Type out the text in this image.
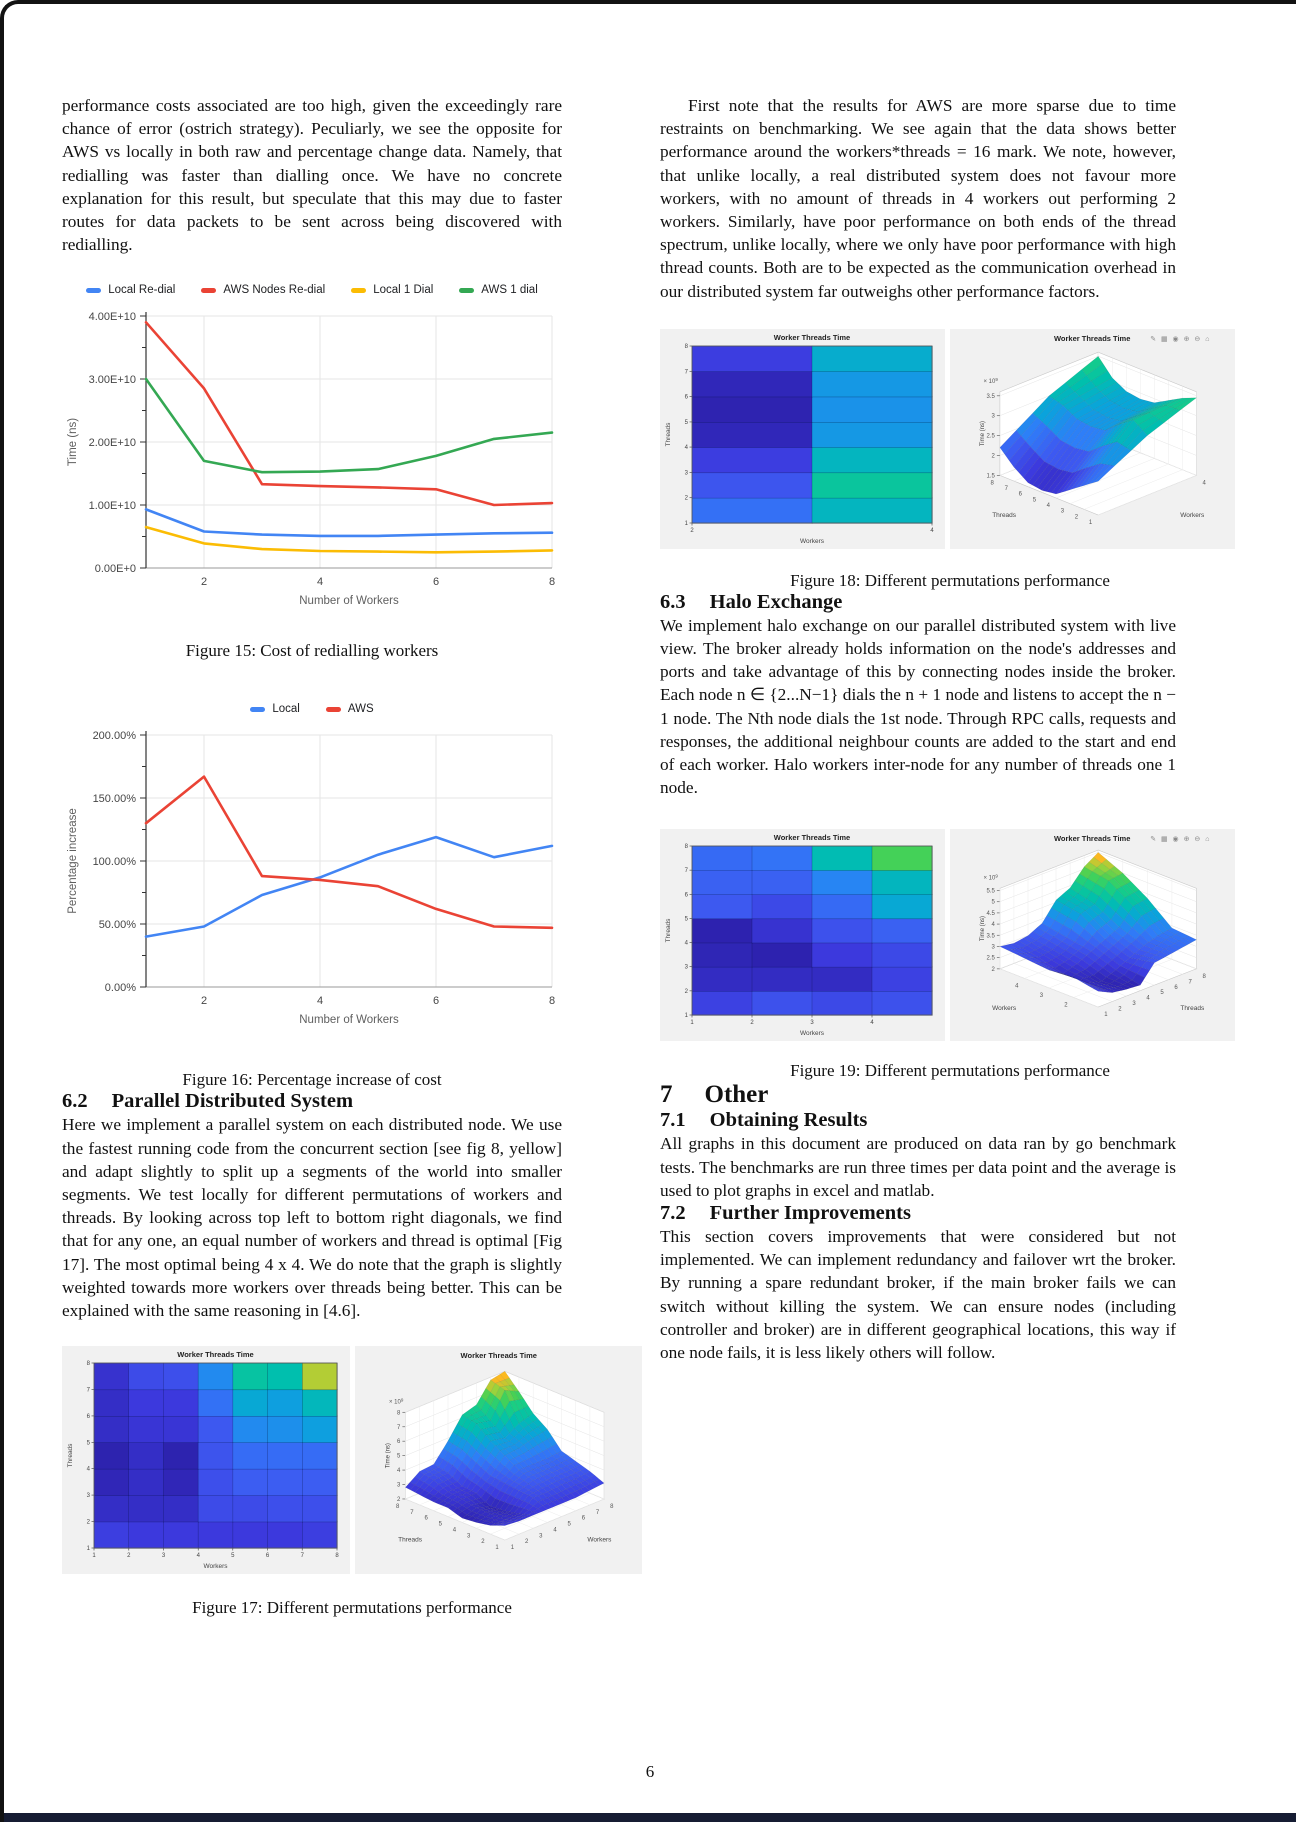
performance costs associated are too high, given the exceedingly rare chance of error (ostrich strategy). Peculiarly, we see the opposite for AWS vs locally in both raw and percentage change data. Namely, that redialling was faster than dialling once. We have no concrete explanation for this result, but speculate that this may due to faster routes for data packets to be sent across being discovered with redialling.

Local Re-dial	AWS Nodes Re-dial	Local 1 Dial	AWS 1 dial
0.00E+0
1.00E+10
2.00E+10
3.00E+10
4.00E+10
2	4	6	8
Number of Workers
Time (ns)
Figure 15: Cost of redialling workers
Local	AWS
0.00%
50.00%
100.00%
150.00%
200.00%
2	4	6	8
Number of Workers
Percentage increase
Figure 16: Percentage increase of cost
6.2 Parallel Distributed System

Here we implement a parallel system on each distributed node. We use the fastest running code from the concurrent section [see fig 8, yellow] and adapt slightly to split up a segments of the world into smaller segments. We test locally for different permutations of workers and threads. By looking across top left to bottom right diagonals, we find that for any one, an equal number of workers and thread is optimal [Fig 17]. The most optimal being 4 x 4. We do note that the graph is slightly weighted towards more workers over threads being better. This can be explained with the same reasoning in [4.6].

Worker Threads Time
1	2	3	4	5	6	7	8
1
2
3
4
5
6
7
8
Workers
Threads
2
3
4
5
6
7
8
1
2
3
4
5
6
7
8
1
2
3
4
5
6
7
8
Worker Threads Time
× $10^9$
Workers
Threads
Time (ns)
Figure 17: Different permutations performance

First note that the results for AWS are more sparse due to time restraints on benchmarking. We see again that the data shows better performance around the workers*threads = 16 mark. We note, however, that unlike locally, a real distributed system does not favour more workers, with no amount of threads in 4 workers out performing 2 workers. Similarly, have poor performance on both ends of the thread spectrum, unlike locally, where we only have poor performance with high thread counts. Both are to be expected as the communication overhead in our distributed system far outweighs other performance factors.

Worker Threads Time
2	4
1
2
3
4
5
6
7
8
Workers
Threads
1.5
2
2.5
3
3.5
4
1
2
3
4
5
6
7
8
Worker Threads Time	✎ ▦ ◉ ⊕ ⊖ ⌂
× $10^9$
Workers
Threads
Time (ns)
Figure 18: Different permutations performance
6.3 Halo Exchange

We implement halo exchange on our parallel distributed system with live view. The broker already holds information on the node's addresses and ports and take advantage of this by connecting nodes inside the broker. Each node n ∈ {2...N−1} dials the n + 1 node and listens to accept the n − 1 node. The Nth node dials the 1st node. Through RPC calls, requests and responses, the additional neighbour counts are added to the start and end of each worker. Halo workers inter-node for any number of threads one 1 node.

Worker Threads Time
1	2	3	4
1
2
3
4
5
6
7
8
Workers
Threads
2
2.5
3
3.5
4
4.5
5
5.5
1
2
3
4
5
6
7
8
2
3
4
Worker Threads Time	✎ ▦ ◉ ⊕ ⊖ ⌂
× $10^9$
Threads
Workers
Time (ns)
Figure 19: Different permutations performance
7 Other
7.1 Obtaining Results

All graphs in this document are produced on data ran by go benchmark tests. The benchmarks are run three times per data point and the average is used to plot graphs in excel and matlab.

7.2 Further Improvements

This section covers improvements that were considered but not implemented. We can implement redundancy and failover wrt the broker. By running a spare redundant broker, if the main broker fails we can switch without killing the system. We can ensure nodes (including controller and broker) are in different geographical locations, this way if one node fails, it is less likely others will follow.

6
